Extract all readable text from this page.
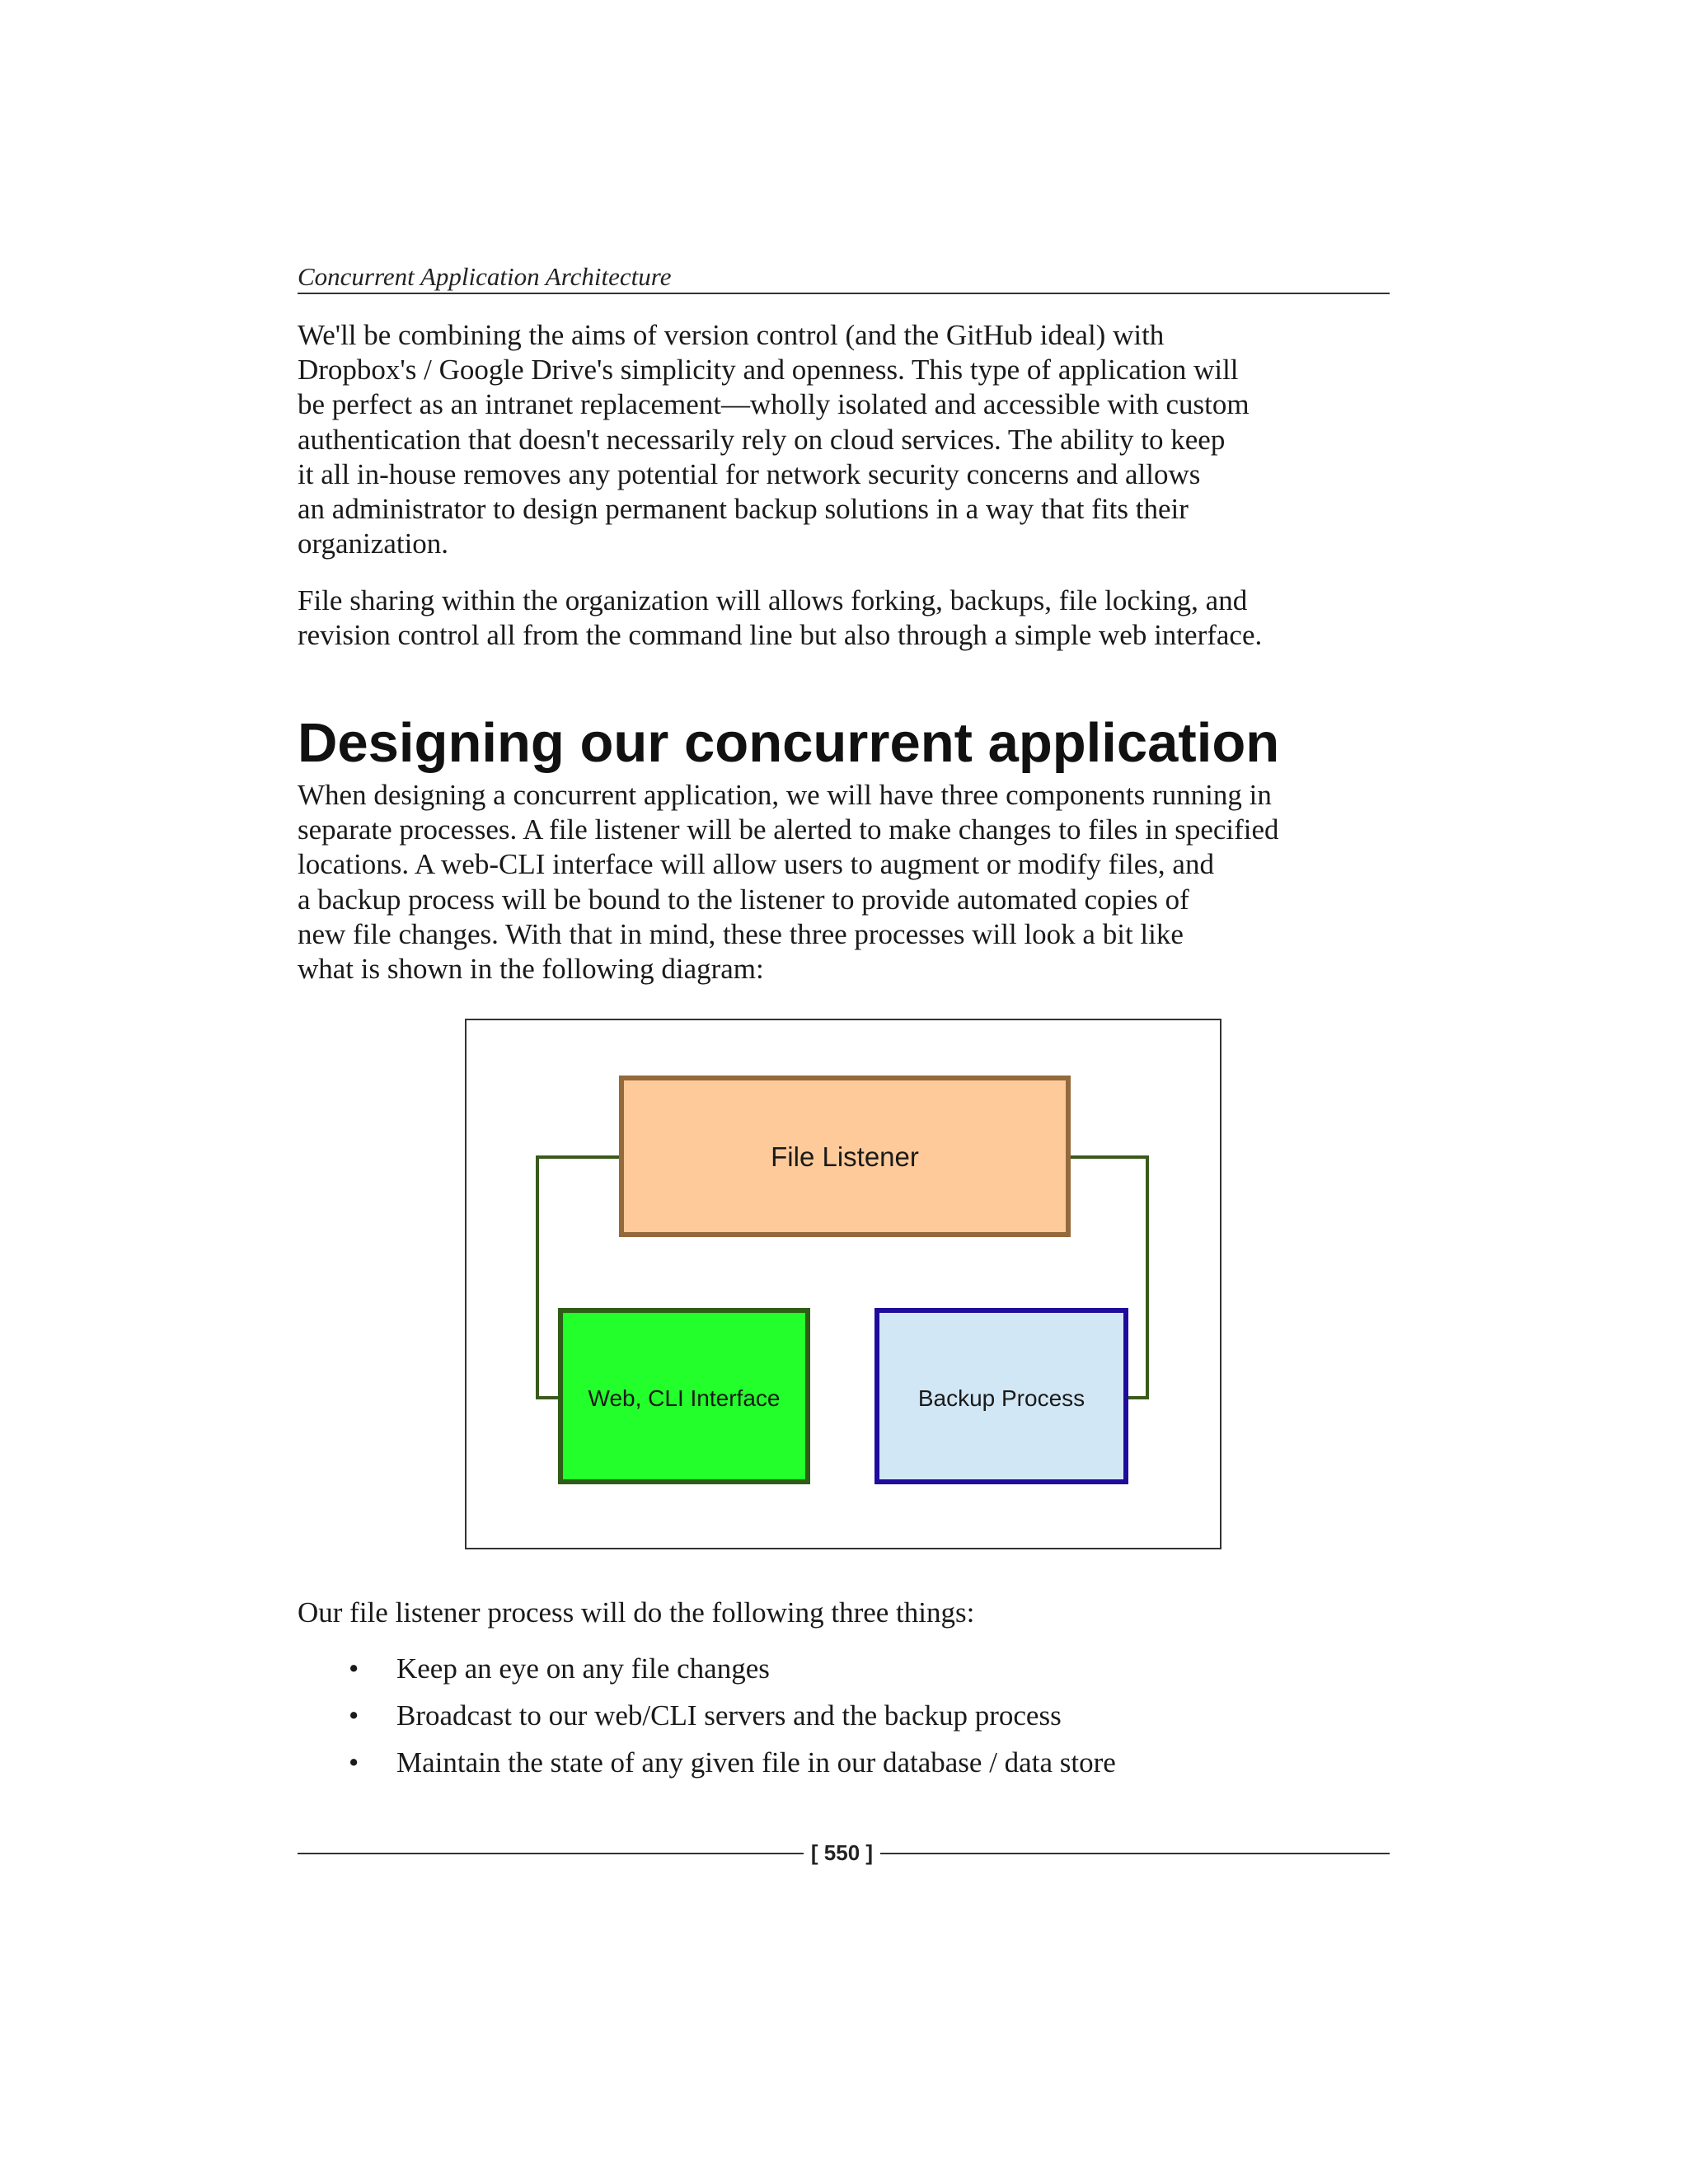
Concurrent Application Architecture

We'll be combining the aims of version control (and the GitHub ideal) with
Dropbox's / Google Drive's simplicity and openness. This type of application will
be perfect as an intranet replacement—wholly isolated and accessible with custom
authentication that doesn't necessarily rely on cloud services. The ability to keep
it all in-house removes any potential for network security concerns and allows
an administrator to design permanent backup solutions in a way that fits their
organization.

File sharing within the organization will allows forking, backups, file locking, and
revision control all from the command line but also through a simple web interface.

Designing our concurrent application

When designing a concurrent application, we will have three components running in
separate processes. A file listener will be alerted to make changes to files in specified
locations. A web-CLI interface will allow users to augment or modify files, and
a backup process will be bound to the listener to provide automated copies of
new file changes. With that in mind, these three processes will look a bit like
what is shown in the following diagram:

File Listener
Web, CLI Interface	Backup Process

Our file listener process will do the following three things:

• Keep an eye on any file changes
• Broadcast to our web/CLI servers and the backup process
• Maintain the state of any given file in our database / data store
[ 550 ]
